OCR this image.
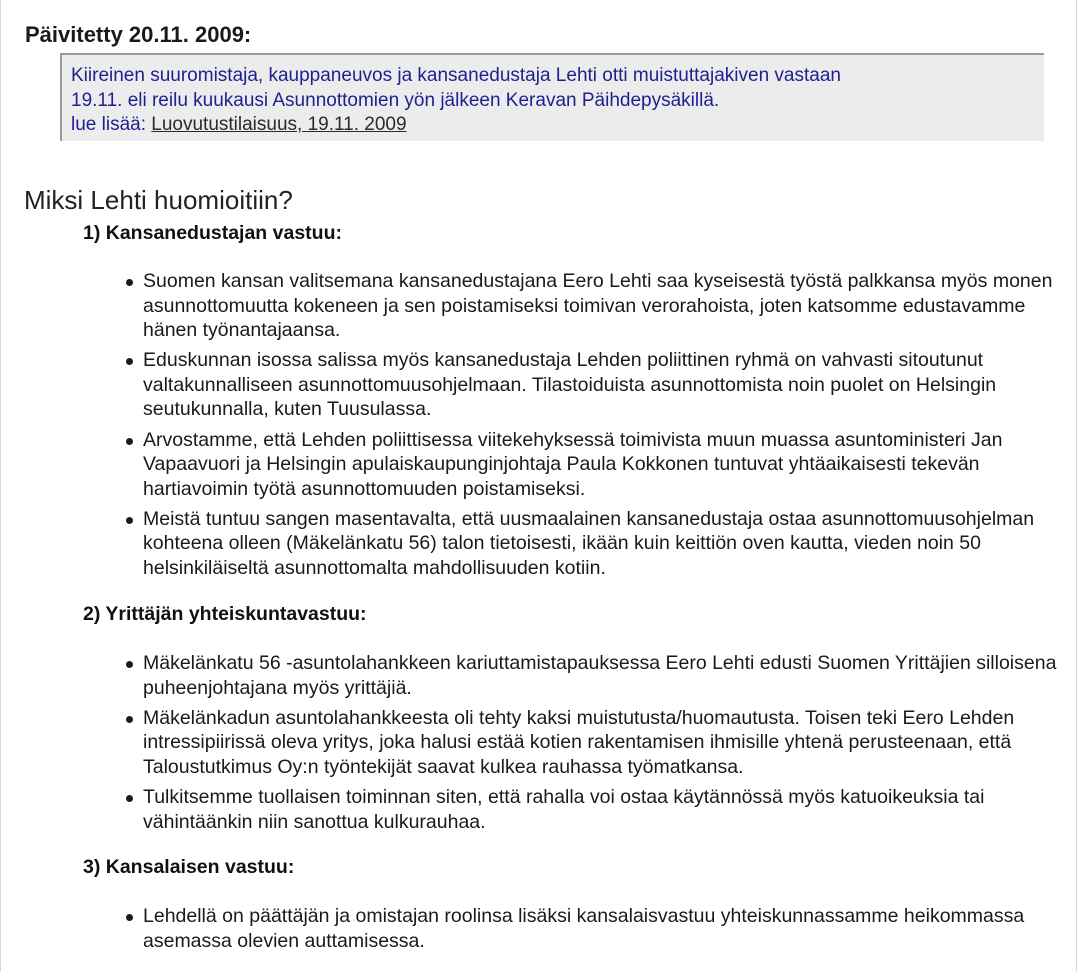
Päivitetty 20.11. 2009:

Kiireinen suuromistaja, kauppaneuvos ja kansanedustaja Lehti otti muistuttajakiven vastaan

19.11. eli reilu kuukausi Asunnottomien yön jälkeen Keravan Päihdepysäkillä.

lue lisää: Luovutustilaisuus, 19.11. 2009

Miksi Lehti huomioitiin?
1) Kansanedustajan vastuu:
Suomen kansan valitsemana kansanedustajana Eero Lehti saa kyseisestä työstä palkkansa myös monen asunnottomuutta kokeneen ja sen poistamiseksi toimivan verorahoista, joten katsomme edustavamme hänen työnantajaansa.
Eduskunnan isossa salissa myös kansanedustaja Lehden poliittinen ryhmä on vahvasti sitoutunut valtakunnalliseen asunnottomuusohjelmaan. Tilastoiduista asunnottomista noin puolet on Helsingin seutukunnalla, kuten Tuusulassa.
Arvostamme, että Lehden poliittisessa viitekehyksessä toimivista muun muassa asuntoministeri Jan Vapaavuori ja Helsingin apulaiskaupunginjohtaja Paula Kokkonen tuntuvat yhtäaikaisesti tekevän hartiavoimin työtä asunnottomuuden poistamiseksi.
Meistä tuntuu sangen masentavalta, että uusmaalainen kansanedustaja ostaa asunnottomuusohjelman kohteena olleen (Mäkelänkatu 56) talon tietoisesti, ikään kuin keittiön oven kautta, vieden noin 50 helsinkiläiseltä asunnottomalta mahdollisuuden kotiin.
2) Yrittäjän yhteiskuntavastuu:
Mäkelänkatu 56 -asuntolahankkeen kariuttamistapauksessa Eero Lehti edusti Suomen Yrittäjien silloisena puheenjohtajana myös yrittäjiä.
Mäkelänkadun asuntolahankkeesta oli tehty kaksi muistutusta/huomautusta. Toisen teki Eero Lehden intressipiirissä oleva yritys, joka halusi estää kotien rakentamisen ihmisille yhtenä perusteenaan, että Taloustutkimus Oy:n työntekijät saavat kulkea rauhassa työmatkansa.
Tulkitsemme tuollaisen toiminnan siten, että rahalla voi ostaa käytännössä myös katuoikeuksia tai vähintäänkin niin sanottua kulkurauhaa.
3) Kansalaisen vastuu:
Lehdellä on päättäjän ja omistajan roolinsa lisäksi kansalaisvastuu yhteiskunnassamme heikommassa asemassa olevien auttamisessa.
